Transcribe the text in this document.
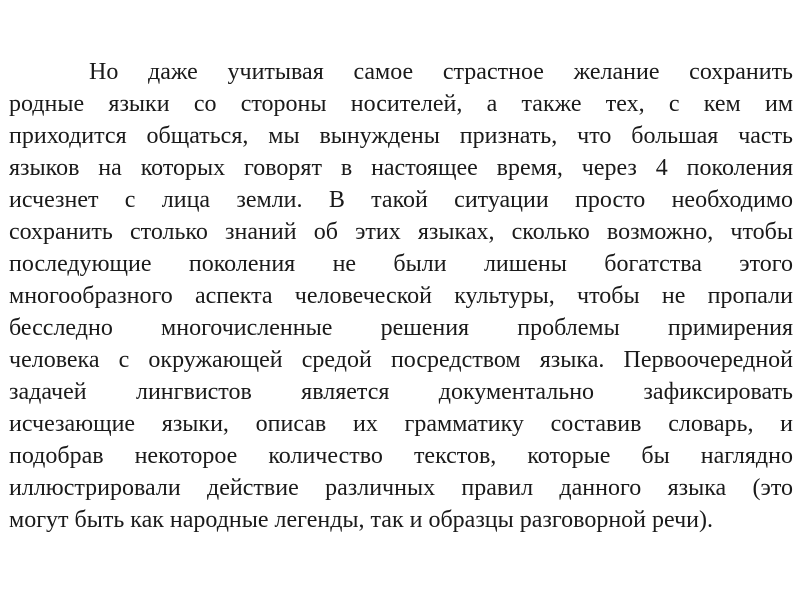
Но даже учитывая самое страстное желание сохранить
родные языки со стороны носителей, а также тех, с кем им
приходится общаться, мы вынуждены признать, что большая часть
языков на которых говорят в настоящее время, через 4 поколения
исчезнет с лица земли. В такой ситуации просто необходимо
сохранить столько знаний об этих языках, сколько возможно, чтобы
последующие поколения не были лишены богатства этого
многообразного аспекта человеческой культуры, чтобы не пропали
бесследно многочисленные решения проблемы примирения
человека с окружающей средой посредством языка. Первоочередной
задачей лингвистов является документально зафиксировать
исчезающие языки, описав их грамматику составив словарь, и
подобрав некоторое количество текстов, которые бы наглядно
иллюстрировали действие различных правил данного языка (это
могут быть как народные легенды, так и образцы разговорной речи).
